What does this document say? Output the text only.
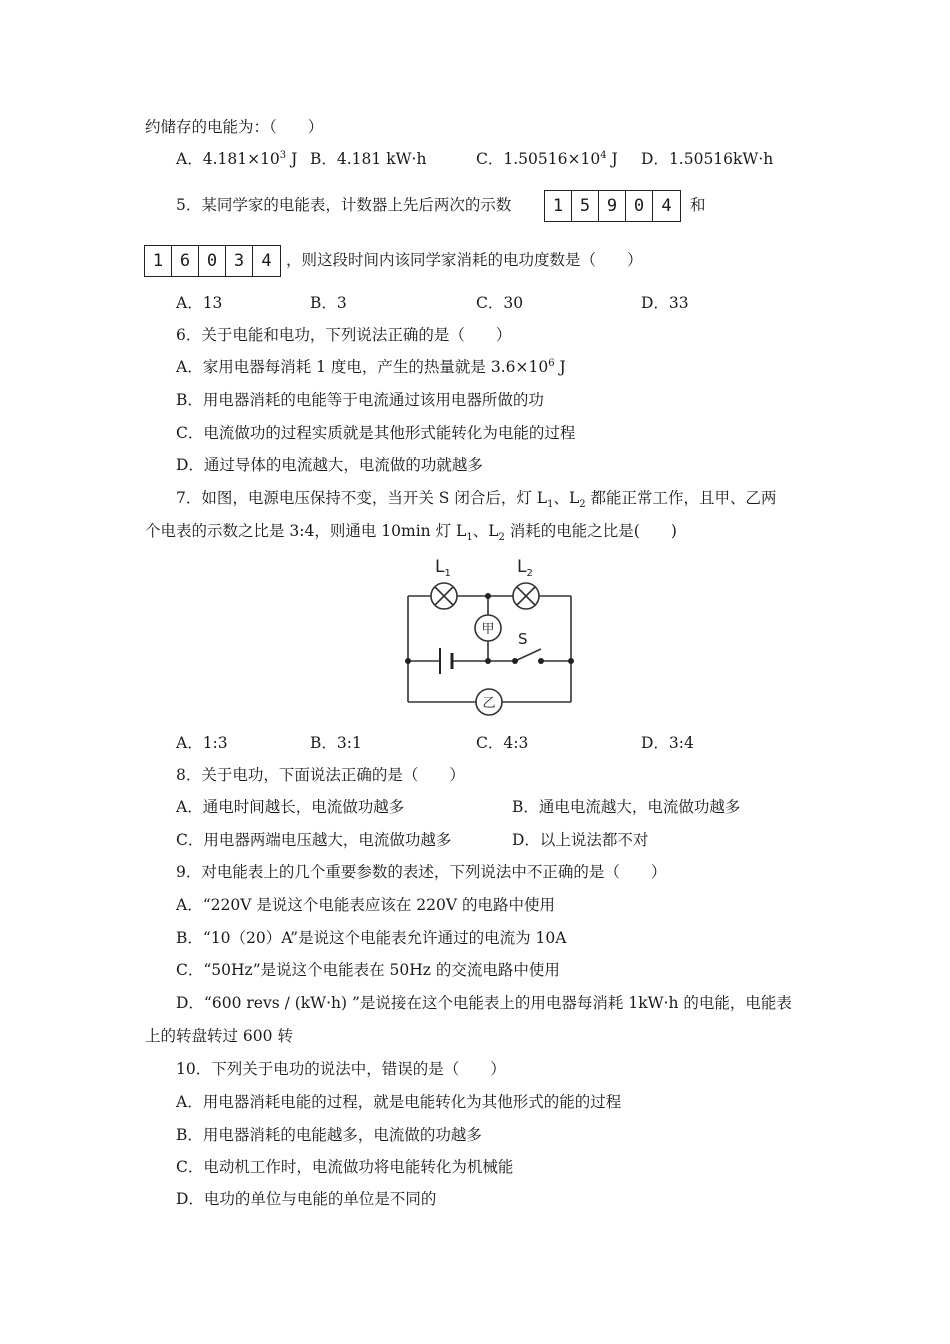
约储存的电能为：（　　）
A．$4.181\times 10^3$ J B．4.181 kW·h	C．$1.50516\times 10^4$ J D．1.50516kW·h
5．某同学家的电能表，计数器上先后两次的示数	1 5 9 0	4	和
1 6 0 3	4 ，则这段时间内该同学家消耗的电功度数是（　　）
A．13	B．3	C．30	D．33
6．关于电能和电功，下列说法正确的是（　　）
A．家用电器每消耗 1 度电，产生的热量就是 $3.6\times 10^6$ J
B．用电器消耗的电能等于电流通过该用电器所做的功
C．电流做功的过程实质就是其他形式能转化为电能的过程
D．通过导体的电流越大，电流做的功就越多
7．如图，电源电压保持不变，当开关 S 闭合后，灯 $L_1$、$L_2$ 都能正常工作，且甲、乙两
个电表的示数之比是 3:4，则通电 10min 灯 $L_1$、$L_2$ 消耗的电能之比是(　　)
$L_1$	$L_2$
甲
乙
S
A．1:3	B．3:1	C．4:3	D．3:4
8．关于电功，下面说法正确的是（　　）
A．通电时间越长，电流做功越多	B．通电电流越大，电流做功越多
C．用电器两端电压越大，电流做功越多	D．以上说法都不对
9．对电能表上的几个重要参数的表述，下列说法中不正确的是（　　）
A．“220V 是说这个电能表应该在 220V 的电路中使用
B．“10（20）A”是说这个电能表允许通过的电流为 10A
C．“50Hz”是说这个电能表在 50Hz 的交流电路中使用
D．“600 revs / (kW·h) ”是说接在这个电能表上的用电器每消耗 1kW·h 的电能，电能表
上的转盘转过 600 转
10．下列关于电功的说法中，错误的是（　　）
A．用电器消耗电能的过程，就是电能转化为其他形式的能的过程
B．用电器消耗的电能越多，电流做的功越多
C．电动机工作时，电流做功将电能转化为机械能
D．电功的单位与电能的单位是不同的
